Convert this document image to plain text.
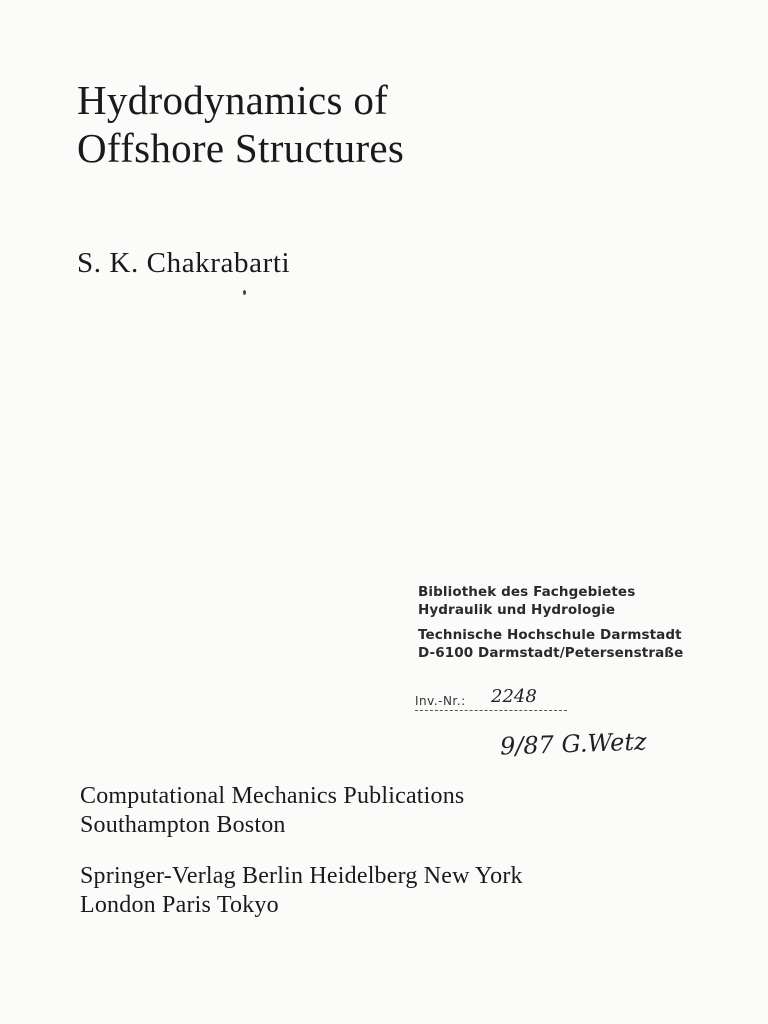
Hydrodynamics of
Offshore Structures
S. K. Chakrabarti
Bibliothek des Fachgebietes
Hydraulik und Hydrologie
Technische Hochschule Darmstadt
D-6100 Darmstadt/Petersenstraße
Inv.-Nr.: 2248
9/87 G.Wetz

Computational Mechanics Publications
Southampton Boston

Springer-Verlag Berlin Heidelberg New York
London Paris Tokyo
